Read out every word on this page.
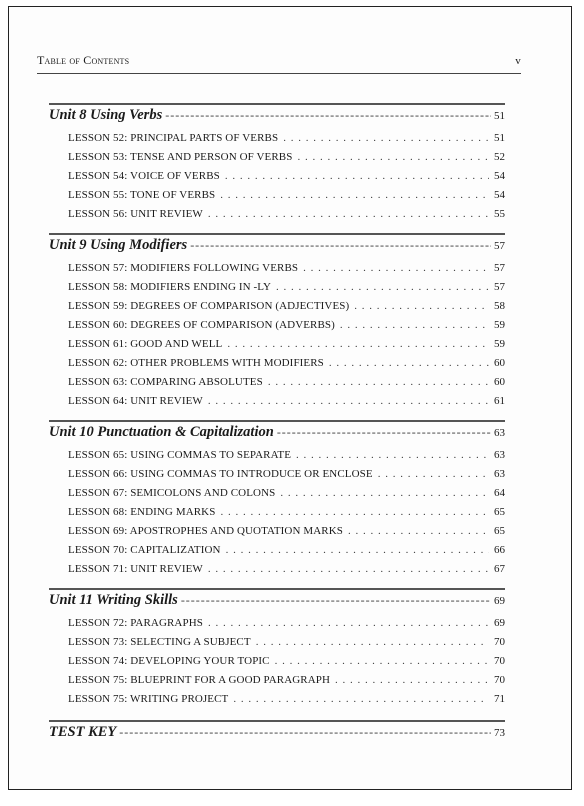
Table of Contents	v
Unit 8 Using Verbs - - -	51
LESSON 52: PRINCIPAL PARTS OF VERBS . . .	51
LESSON 53: TENSE AND PERSON OF VERBS . . .	52
LESSON 54: VOICE OF VERBS . . .	54
LESSON 55: TONE OF VERBS . . .	54
LESSON 56: UNIT REVIEW . . .	55
Unit 9 Using Modifiers - - -	57
LESSON 57: MODIFIERS FOLLOWING VERBS . . .	57
LESSON 58: MODIFIERS ENDING IN -LY . . .	57
LESSON 59: DEGREES OF COMPARISON (ADJECTIVES) . . .	58
LESSON 60: DEGREES OF COMPARISON (ADVERBS) . . .	59
LESSON 61: GOOD AND WELL . . .	59
LESSON 62: OTHER PROBLEMS WITH MODIFIERS . . .	60
LESSON 63: COMPARING ABSOLUTES . . .	60
LESSON 64: UNIT REVIEW . . .	61
Unit 10 Punctuation & Capitalization - - -	63
LESSON 65: USING COMMAS TO SEPARATE . . .	63
LESSON 66: USING COMMAS TO INTRODUCE OR ENCLOSE . . .	63
LESSON 67: SEMICOLONS AND COLONS . . .	64
LESSON 68: ENDING MARKS . . .	65
LESSON 69: APOSTROPHES AND QUOTATION MARKS . . .	65
LESSON 70: CAPITALIZATION . . .	66
LESSON 71: UNIT REVIEW . . .	67
Unit 11 Writing Skills - - -	69
LESSON 72: PARAGRAPHS . . .	69
LESSON 73: SELECTING A SUBJECT . . .	70
LESSON 74: DEVELOPING YOUR TOPIC . . .	70
LESSON 75: BLUEPRINT FOR A GOOD PARAGRAPH . . .	70
LESSON 75: WRITING PROJECT . . .	71
TEST KEY - - -	73
